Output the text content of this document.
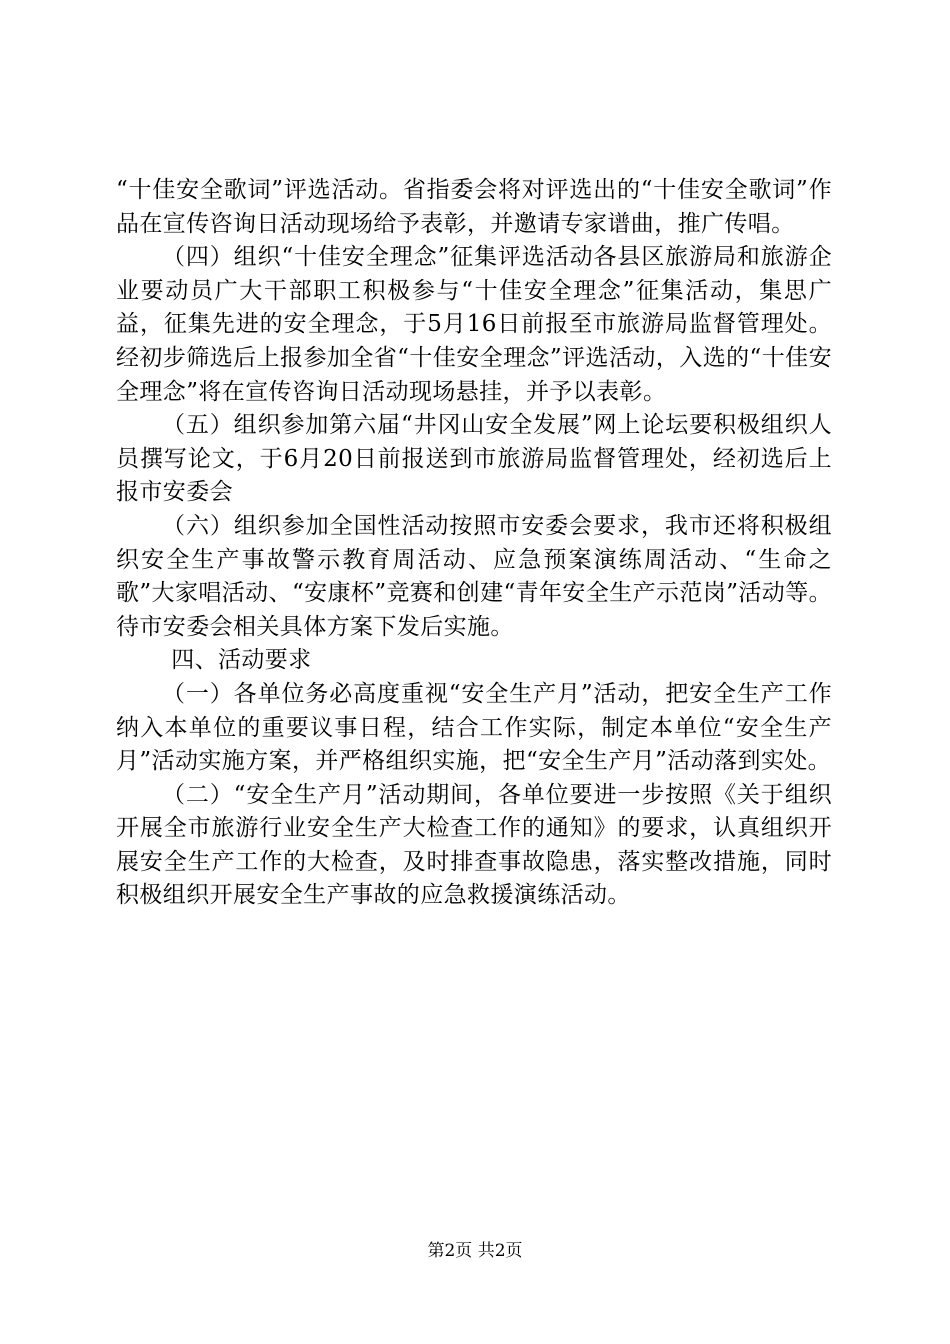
“十佳安全歌词”评选活动。省指委会将对评选出的“十佳安全歌词”作品在宣传咨询日活动现场给予表彰，并邀请专家谱曲，推广传唱。

（四）组织“十佳安全理念”征集评选活动各县区旅游局和旅游企业要动员广大干部职工积极参与“十佳安全理念”征集活动，集思广益，征集先进的安全理念，于5月16日前报至市旅游局监督管理处。经初步筛选后上报参加全省“十佳安全理念”评选活动，入选的“十佳安全理念”将在宣传咨询日活动现场悬挂，并予以表彰。

（五）组织参加第六届“井冈山安全发展”网上论坛要积极组织人员撰写论文，于6月20日前报送到市旅游局监督管理处，经初选后上报市安委会

（六）组织参加全国性活动按照市安委会要求，我市还将积极组织安全生产事故警示教育周活动、应急预案演练周活动、“生命之歌”大家唱活动、“安康杯”竞赛和创建“青年安全生产示范岗”活动等。待市安委会相关具体方案下发后实施。

四、活动要求

（一）各单位务必高度重视“安全生产月”活动，把安全生产工作纳入本单位的重要议事日程，结合工作实际，制定本单位“安全生产月”活动实施方案，并严格组织实施，把“安全生产月”活动落到实处。

（二）“安全生产月”活动期间，各单位要进一步按照《关于组织开展全市旅游行业安全生产大检查工作的通知》的要求，认真组织开展安全生产工作的大检查，及时排查事故隐患，落实整改措施，同时积极组织开展安全生产事故的应急救援演练活动。

第2页 共2页
